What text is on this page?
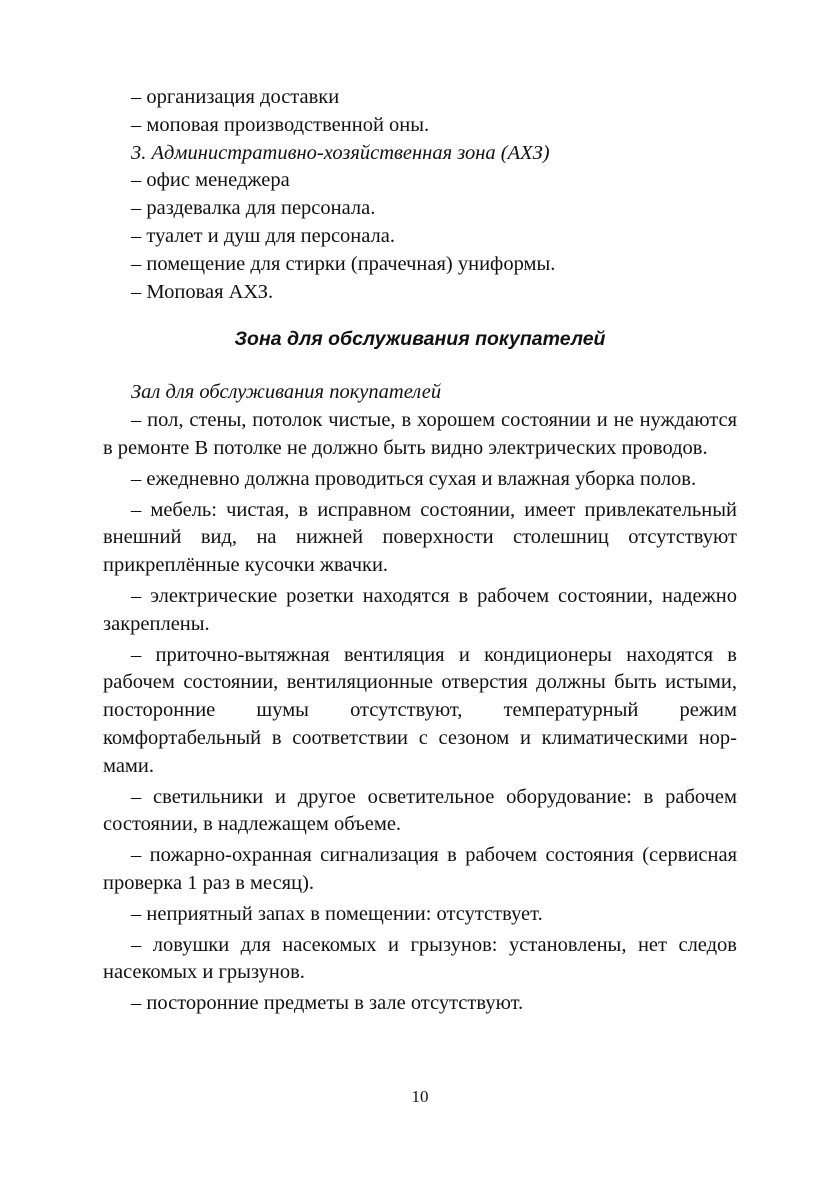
– организация доставки
– моповая производственной оны.
3. Административно-хозяйственная зона (АХЗ)
– офис менеджера
– раздевалка для персонала.
– туалет и душ для персонала.
– помещение для стирки (прачечная) униформы.
– Моповая АХЗ.
Зона для обслуживания покупателей
Зал для обслуживания покупателей

– пол, стены, потолок чистые, в хорошем состоянии и не нуждаются в ремонте В потолке не должно быть видно электрических проводов.

– ежедневно должна проводиться сухая и влажная уборка полов.

– мебель: чистая, в исправном состоянии, имеет привлекательный внешний вид, на нижней поверхности столешниц отсутствуют прикреплённые кусочки жвачки.

– электрические розетки находятся в рабочем состоянии, надежно закреплены.

– приточно-вытяжная вентиляция и кондиционеры находятся в рабочем состоянии, вентиляционные отверстия должны быть истыми, посторонние шумы отсутствуют, температурный режим комфортабельный в соответствии с сезоном и климатическими нормами.

– светильники и другое осветительное оборудование: в рабочем состоянии, в надлежащем объеме.

– пожарно-охранная сигнализация в рабочем состояния (сервисная проверка 1 раз в месяц).

– неприятный запах в помещении: отсутствует.

– ловушки для насекомых и грызунов: установлены, нет следов насекомых и грызунов.

– посторонние предметы в зале отсутствуют.

10
